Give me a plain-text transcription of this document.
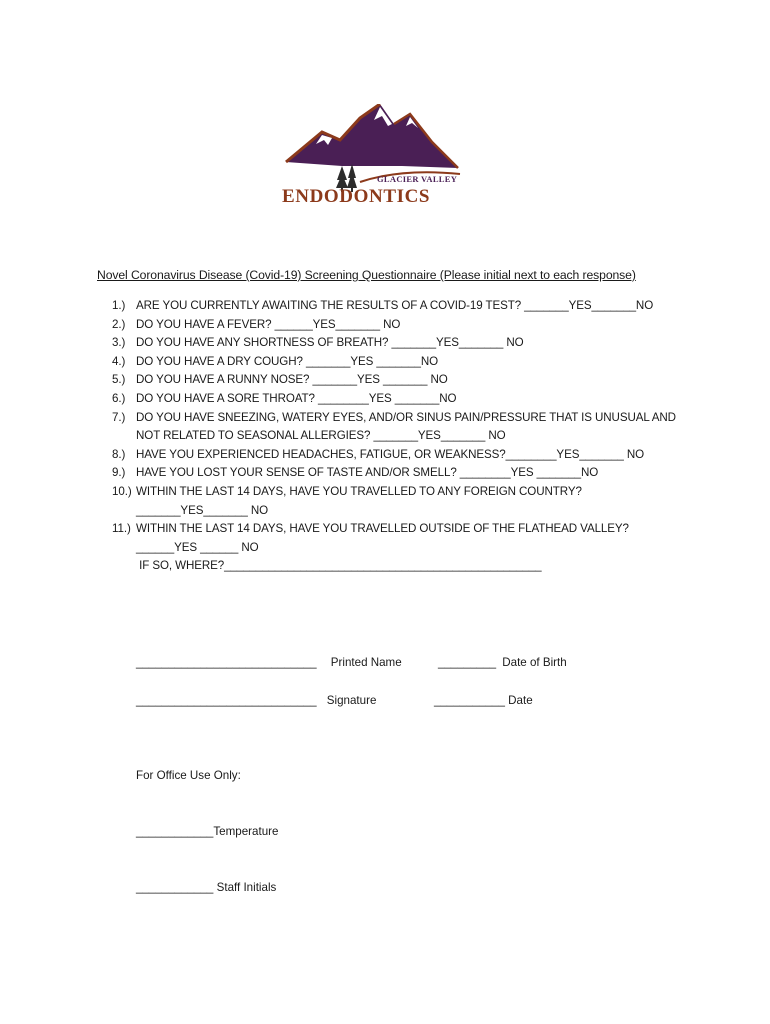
GLACIER VALLEY
ENDODONTICS
Novel Coronavirus Disease (Covid-19) Screening Questionnaire (Please initial next to each response)
1.) ARE YOU CURRENTLY AWAITING THE RESULTS OF A COVID-19 TEST? _______YES_______NO
2.) DO YOU HAVE A FEVER? ______YES_______ NO
3.) DO YOU HAVE ANY SHORTNESS OF BREATH? _______YES_______ NO
4.) DO YOU HAVE A DRY COUGH? _______YES _______NO
5.) DO YOU HAVE A RUNNY NOSE? _______YES _______ NO
6.) DO YOU HAVE A SORE THROAT? ________YES _______NO
7.) DO YOU HAVE SNEEZING, WATERY EYES, AND/OR SINUS PAIN/PRESSURE THAT IS UNUSUAL AND
NOT RELATED TO SEASONAL ALLERGIES? _______YES_______ NO
8.) HAVE YOU EXPERIENCED HEADACHES, FATIGUE, OR WEAKNESS?________YES_______ NO
9.) HAVE YOU LOST YOUR SENSE OF TASTE AND/OR SMELL? ________YES _______NO
10.) WITHIN THE LAST 14 DAYS, HAVE YOU TRAVELLED TO ANY FOREIGN COUNTRY?
_______YES_______ NO
11.) WITHIN THE LAST 14 DAYS, HAVE YOU TRAVELLED OUTSIDE OF THE FLATHEAD VALLEY?
______YES ______ NO
IF SO, WHERE?__________________________________________________
____________________________ Printed Name	_________ Date of Birth
____________________________ Signature	___________ Date
For Office Use Only:
____________Temperature
____________ Staff Initials
